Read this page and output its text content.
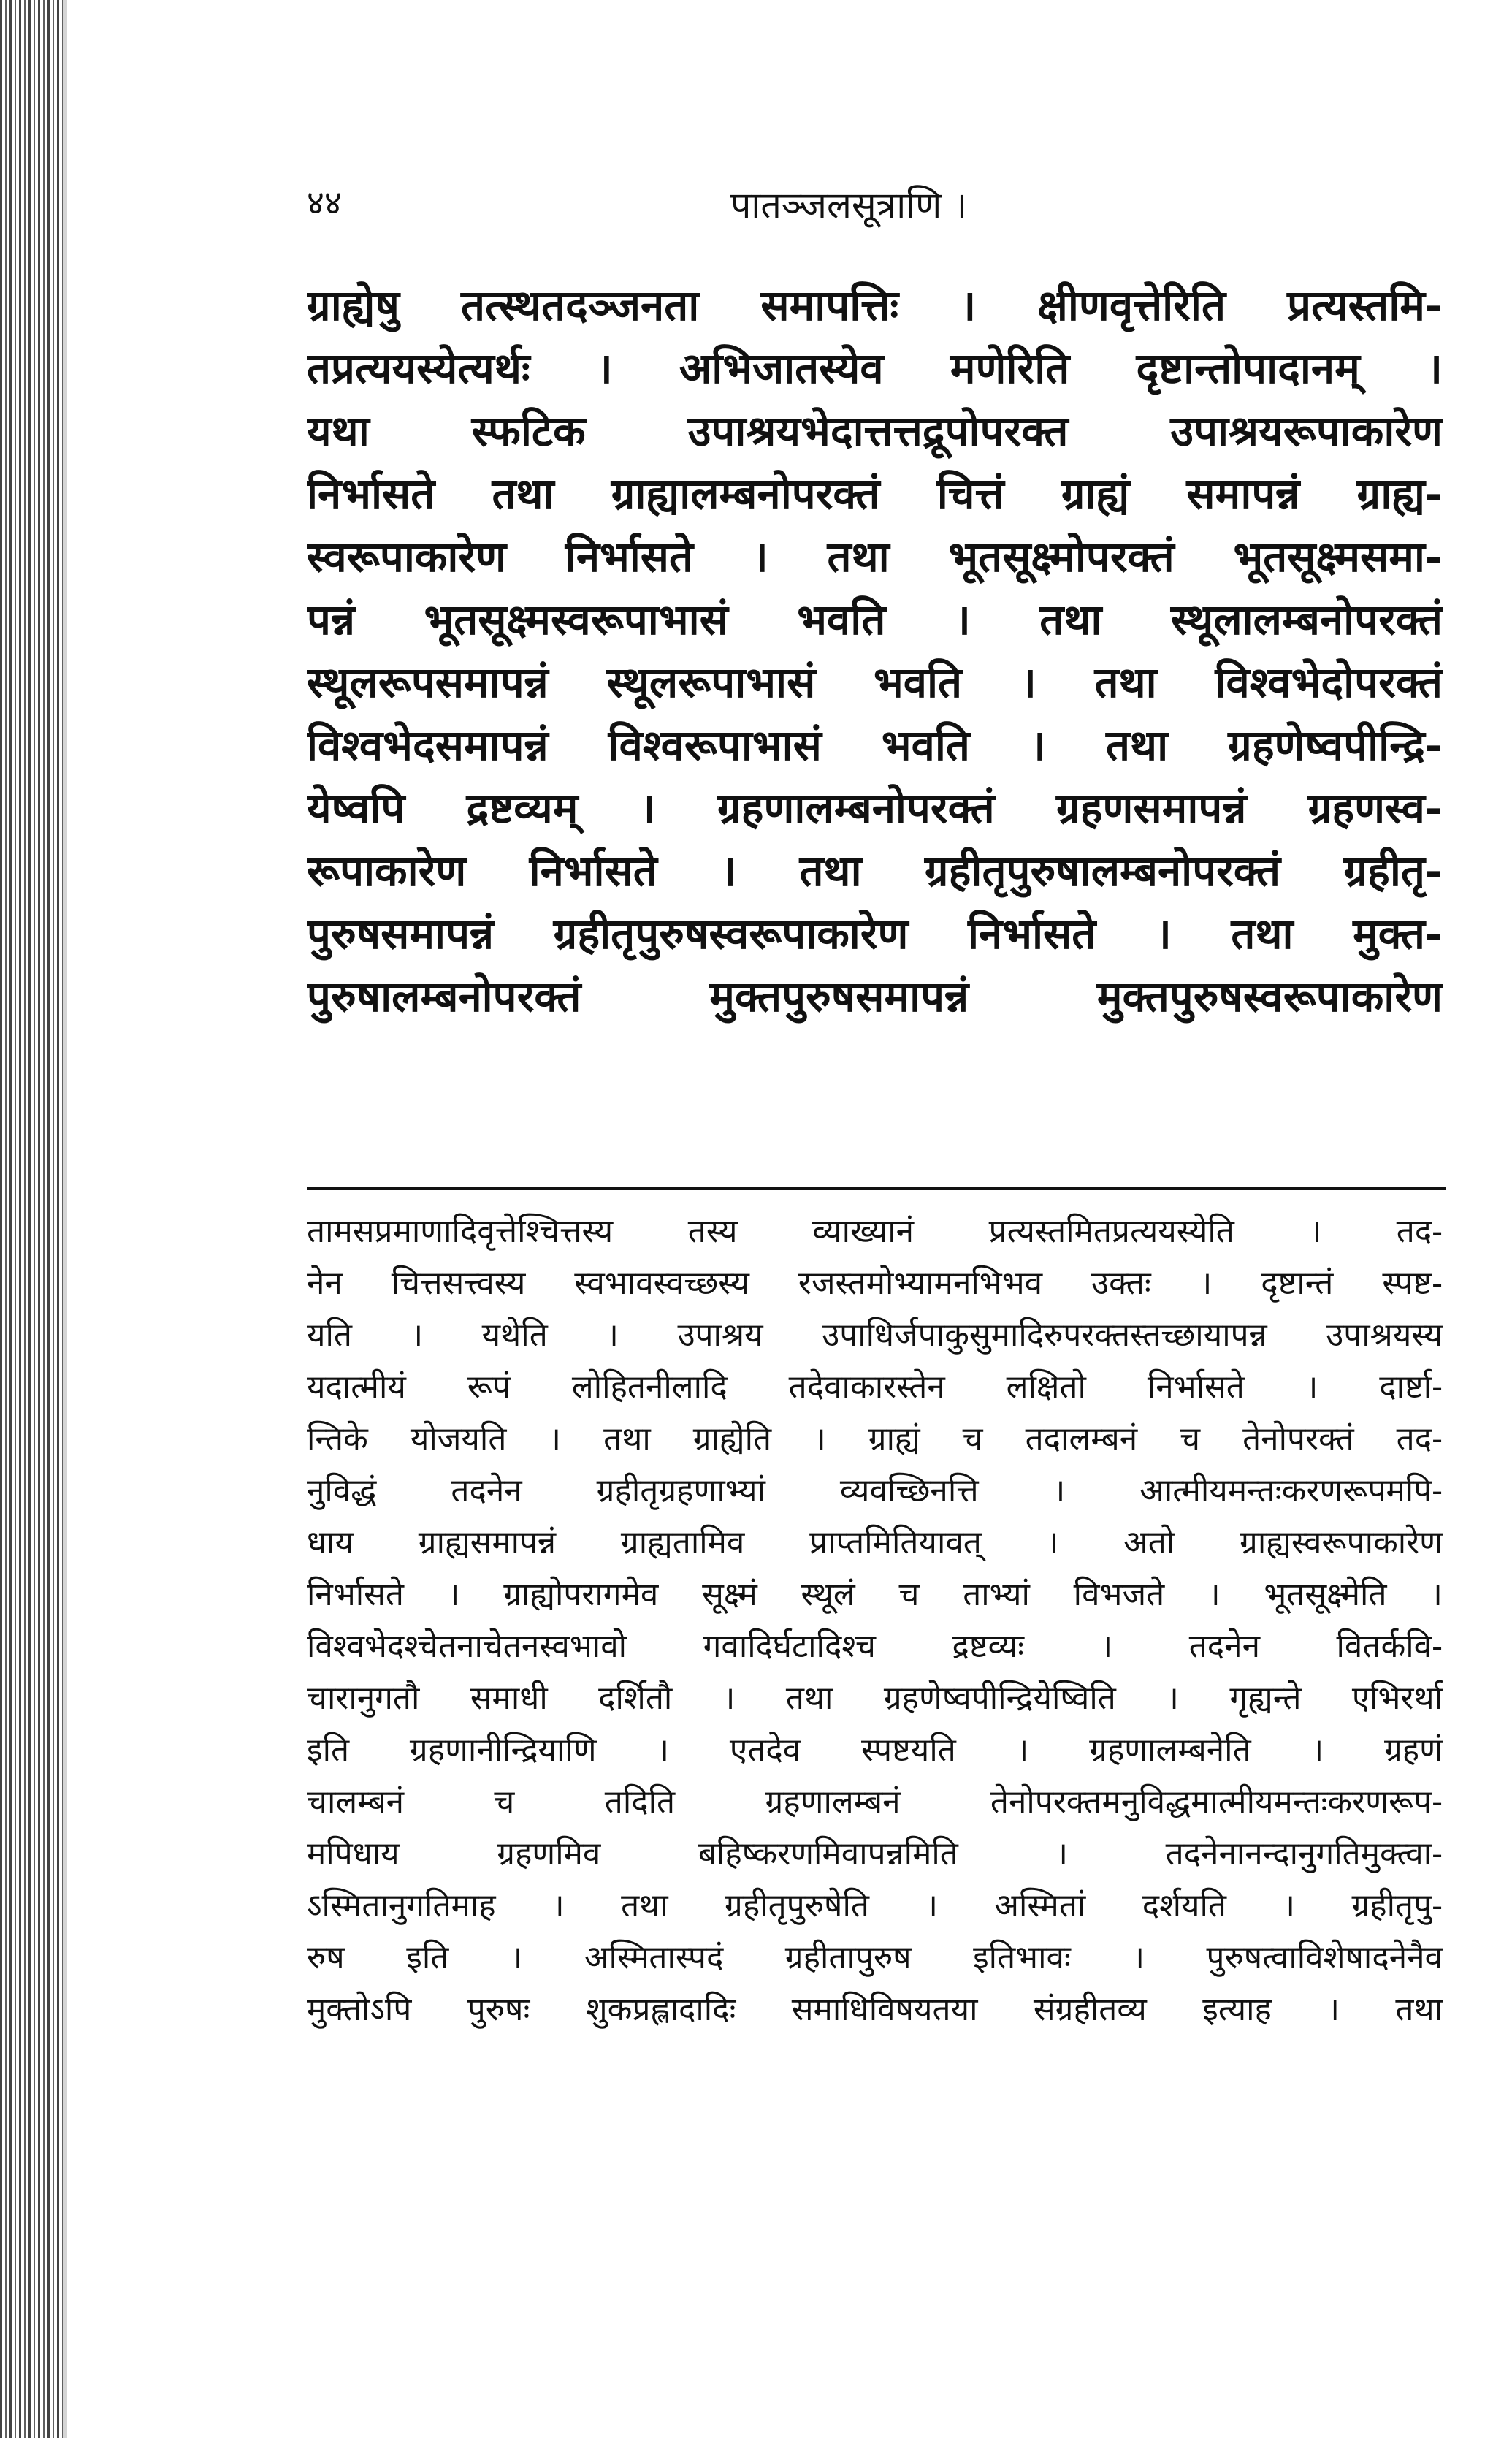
४४	पातञ्जलसूत्राणि ।
ग्राह्येषु तत्स्थतदञ्जनता समापत्तिः । क्षीणवृत्तेरिति प्रत्यस्तमि-
तप्रत्ययस्येत्यर्थः । अभिजातस्येव मणेरिति दृष्टान्तोपादानम् ।
यथा स्फटिक उपाश्रयभेदात्तत्तद्रूपोपरक्त उपाश्रयरूपाकारेण
निर्भासते तथा ग्राह्यालम्बनोपरक्तं चित्तं ग्राह्यं समापन्नं ग्राह्य-
स्वरूपाकारेण निर्भासते । तथा भूतसूक्ष्मोपरक्तं भूतसूक्ष्मसमा-
पन्नं भूतसूक्ष्मस्वरूपाभासं भवति । तथा स्थूलालम्बनोपरक्तं
स्थूलरूपसमापन्नं स्थूलरूपाभासं भवति । तथा विश्वभेदोपरक्तं
विश्वभेदसमापन्नं विश्वरूपाभासं भवति । तथा ग्रहणेष्वपीन्द्रि-
येष्वपि द्रष्टव्यम् । ग्रहणालम्बनोपरक्तं ग्रहणसमापन्नं ग्रहणस्व-
रूपाकारेण निर्भासते । तथा ग्रहीतृपुरुषालम्बनोपरक्तं ग्रहीतृ-
पुरुषसमापन्नं ग्रहीतृपुरुषस्वरूपाकारेण निर्भासते । तथा मुक्त-
पुरुषालम्बनोपरक्तं मुक्तपुरुषसमापन्नं मुक्तपुरुषस्वरूपाकारेण
तामसप्रमाणादिवृत्तेश्चित्तस्य तस्य व्याख्यानं प्रत्यस्तमितप्रत्ययस्येति । तद-
नेन चित्तसत्त्वस्य स्वभावस्वच्छस्य रजस्तमोभ्यामनभिभव उक्तः । दृष्टान्तं स्पष्ट-
यति । यथेति । उपाश्रय उपाधिर्जपाकुसुमादिरुपरक्तस्तच्छायापन्न उपाश्रयस्य
यदात्मीयं रूपं लोहितनीलादि तदेवाकारस्तेन लक्षितो निर्भासते । दार्ष्टा-
न्तिके योजयति । तथा ग्राह्येति । ग्राह्यं च तदालम्बनं च तेनोपरक्तं तद-
नुविद्धं तदनेन ग्रहीतृग्रहणाभ्यां व्यवच्छिनत्ति । आत्मीयमन्तःकरणरूपमपि-
धाय ग्राह्यसमापन्नं ग्राह्यतामिव प्राप्तमितियावत् । अतो ग्राह्यस्वरूपाकारेण
निर्भासते । ग्राह्योपरागमेव सूक्ष्मं स्थूलं च ताभ्यां विभजते । भूतसूक्ष्मेति ।
विश्वभेदश्चेतनाचेतनस्वभावो गवादिर्घटादिश्च द्रष्टव्यः । तदनेन वितर्कवि-
चारानुगतौ समाधी दर्शितौ । तथा ग्रहणेष्वपीन्द्रियेष्विति । गृह्यन्ते एभिरर्था
इति ग्रहणानीन्द्रियाणि । एतदेव स्पष्टयति । ग्रहणालम्बनेति । ग्रहणं
चालम्बनं च तदिति ग्रहणालम्बनं तेनोपरक्तमनुविद्धमात्मीयमन्तःकरणरूप-
मपिधाय ग्रहणमिव बहिष्करणमिवापन्नमिति । तदनेनानन्दानुगतिमुक्त्वा-
ऽस्मितानुगतिमाह । तथा ग्रहीतृपुरुषेति । अस्मितां दर्शयति । ग्रहीतृपु-
रुष इति । अस्मितास्पदं ग्रहीतापुरुष इतिभावः । पुरुषत्वाविशेषादनेनैव
मुक्तोऽपि पुरुषः शुकप्रह्लादादिः समाधिविषयतया संग्रहीतव्य इत्याह । तथा
